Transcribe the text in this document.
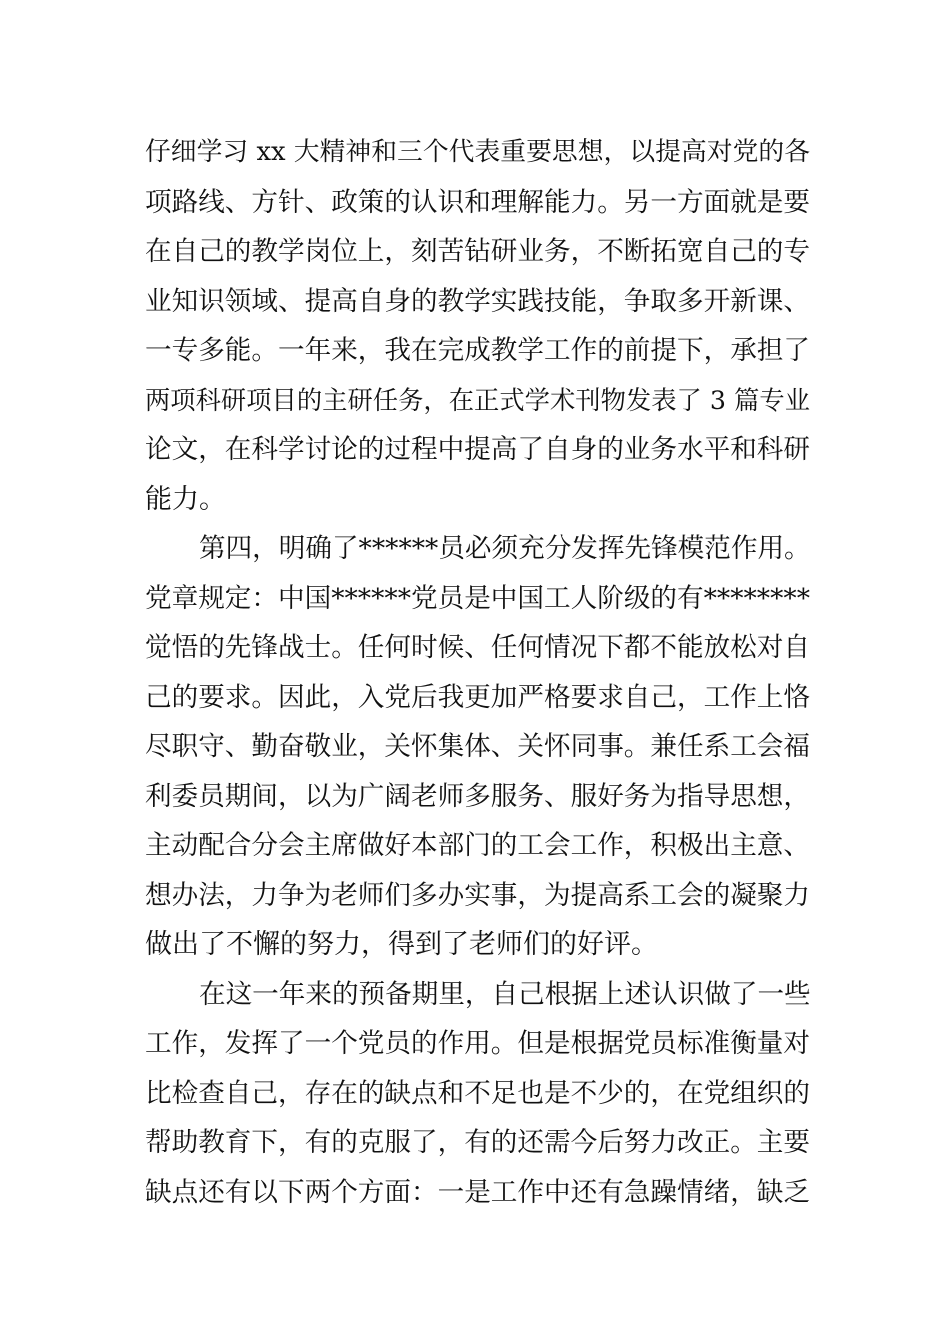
仔细学习 xx 大精神和三个代表重要思想，以提高对党的各
项路线、方针、政策的认识和理解能力。另一方面就是要
在自己的教学岗位上，刻苦钻研业务，不断拓宽自己的专
业知识领域、提高自身的教学实践技能，争取多开新课、
一专多能。一年来，我在完成教学工作的前提下，承担了
两项科研项目的主研任务，在正式学术刊物发表了 3 篇专业
论文，在科学讨论的过程中提高了自身的业务水平和科研
能力。
第四，明确了******员必须充分发挥先锋模范作用。
党章规定：中国******党员是中国工人阶级的有********
觉悟的先锋战士。任何时候、任何情况下都不能放松对自
己的要求。因此，入党后我更加严格要求自己，工作上恪
尽职守、勤奋敬业，关怀集体、关怀同事。兼任系工会福
利委员期间，以为广阔老师多服务、服好务为指导思想，
主动配合分会主席做好本部门的工会工作，积极出主意、
想办法，力争为老师们多办实事，为提高系工会的凝聚力
做出了不懈的努力，得到了老师们的好评。
在这一年来的预备期里，自己根据上述认识做了一些
工作，发挥了一个党员的作用。但是根据党员标准衡量对
比检查自己，存在的缺点和不足也是不少的，在党组织的
帮助教育下，有的克服了，有的还需今后努力改正。主要
缺点还有以下两个方面：一是工作中还有急躁情绪，缺乏
